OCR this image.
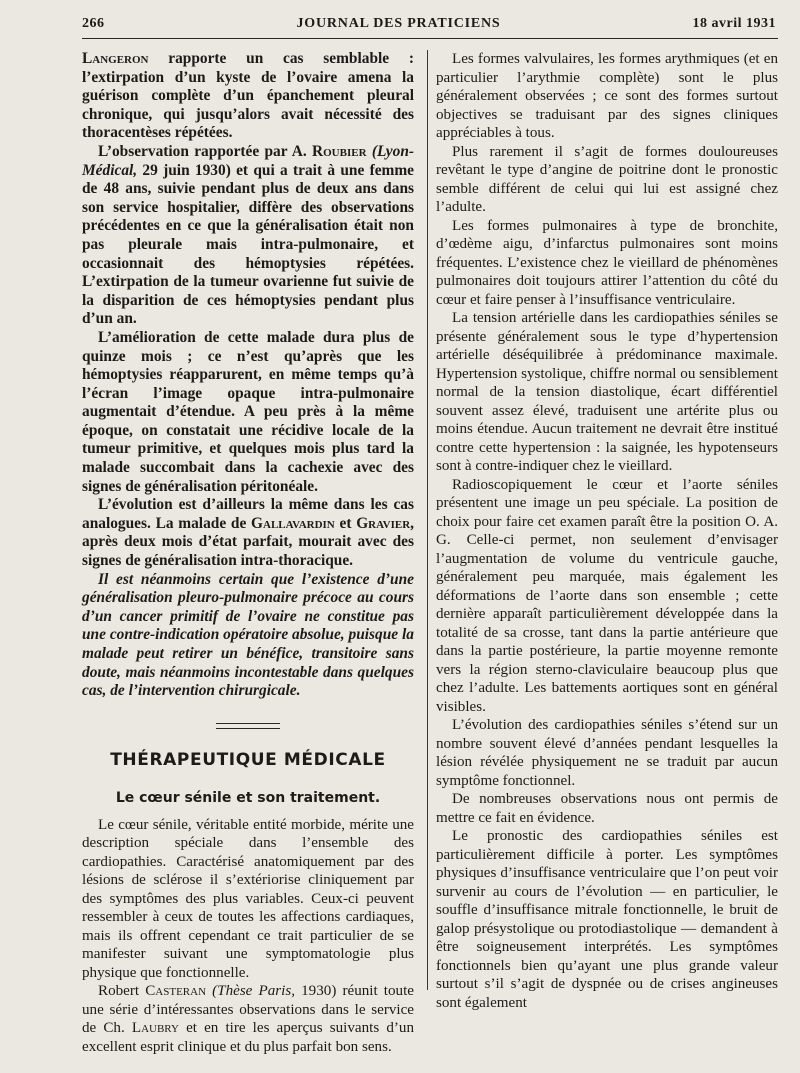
266	JOURNAL DES PRATICIENS	18 avril 1931

Langeron rapporte un cas semblable : l’extirpation d’un kyste de l’ovaire amena la guérison complète d’un épanchement pleural chronique, qui jusqu’alors avait nécessité des thoracentèses répétées.

L’observation rapportée par A. Roubier (Lyon-Médical, 29 juin 1930) et qui a trait à une femme de 48 ans, suivie pendant plus de deux ans dans son service hospitalier, diffère des observations précédentes en ce que la généralisation était non pas pleurale mais intra-pulmonaire, et occasionnait des hémoptysies répétées. L’extirpation de la tumeur ovarienne fut suivie de la disparition de ces hémoptysies pendant plus d’un an.

L’amélioration de cette malade dura plus de quinze mois ; ce n’est qu’après que les hémoptysies réapparurent, en même temps qu’à l’écran l’image opaque intra-pulmonaire augmentait d’étendue. A peu près à la même époque, on constatait une récidive locale de la tumeur primitive, et quelques mois plus tard la malade succombait dans la cachexie avec des signes de généralisation péritonéale.

L’évolution est d’ailleurs la même dans les cas analogues. La malade de Gallavardin et Gravier, après deux mois d’état parfait, mourait avec des signes de généralisation intra-thoracique.

Il est néanmoins certain que l’existence d’une généralisation pleuro-pulmonaire précoce au cours d’un cancer primitif de l’ovaire ne constitue pas une contre-indication opératoire absolue, puisque la malade peut retirer un bénéfice, transitoire sans doute, mais néanmoins incontestable dans quelques cas, de l’intervention chirurgicale.

THÉRAPEUTIQUE MÉDICALE
Le cœur sénile et son traitement.

Le cœur sénile, véritable entité morbide, mérite une description spéciale dans l’ensemble des cardiopathies. Caractérisé anatomiquement par des lésions de sclérose il s’extériorise cliniquement par des symptômes des plus variables. Ceux-ci peuvent ressembler à ceux de toutes les affections cardiaques, mais ils offrent cependant ce trait particulier de se manifester suivant une symptomatologie plus physique que fonctionnelle.

Robert Casteran (Thèse Paris, 1930) réunit toute une série d’intéressantes observations dans le service de Ch. Laubry et en tire les aperçus suivants d’un excellent esprit clinique et du plus parfait bon sens.

Les formes valvulaires, les formes arythmiques (et en particulier l’arythmie complète) sont le plus généralement observées ; ce sont des formes surtout objectives se traduisant par des signes cliniques appréciables à tous.

Plus rarement il s’agit de formes douloureuses revêtant le type d’angine de poitrine dont le pronostic semble différent de celui qui lui est assigné chez l’adulte.

Les formes pulmonaires à type de bronchite, d’œdème aigu, d’infarctus pulmonaires sont moins fréquentes. L’existence chez le vieillard de phénomènes pulmonaires doit toujours attirer l’attention du côté du cœur et faire penser à l’insuffisance ventriculaire.

La tension artérielle dans les cardiopathies séniles se présente généralement sous le type d’hypertension artérielle déséquilibrée à prédominance maximale. Hypertension systolique, chiffre normal ou sensiblement normal de la tension diastolique, écart différentiel souvent assez élevé, traduisent une artérite plus ou moins étendue. Aucun traitement ne devrait être institué contre cette hypertension : la saignée, les hypotenseurs sont à contre-indiquer chez le vieillard.

Radioscopiquement le cœur et l’aorte séniles présentent une image un peu spéciale. La position de choix pour faire cet examen paraît être la position O. A. G. Celle-ci permet, non seulement d’envisager l’augmentation de volume du ventricule gauche, généralement peu marquée, mais également les déformations de l’aorte dans son ensemble ; cette dernière apparaît particulièrement développée dans la totalité de sa crosse, tant dans la partie antérieure que dans la partie postérieure, la partie moyenne remonte vers la région sterno-claviculaire beaucoup plus que chez l’adulte. Les battements aortiques sont en général visibles.

L’évolution des cardiopathies séniles s’étend sur un nombre souvent élevé d’années pendant lesquelles la lésion révélée physiquement ne se traduit par aucun symptôme fonctionnel.

De nombreuses observations nous ont permis de mettre ce fait en évidence.

Le pronostic des cardiopathies séniles est particulièrement difficile à porter. Les symptômes physiques d’insuffisance ventriculaire que l’on peut voir survenir au cours de l’évolution — en particulier, le souffle d’insuffisance mitrale fonctionnelle, le bruit de galop présystolique ou protodiastolique — demandent à être soigneusement interprétés. Les symptômes fonctionnels bien qu’ayant une plus grande valeur surtout s’il s’agit de dyspnée ou de crises angineuses sont également
